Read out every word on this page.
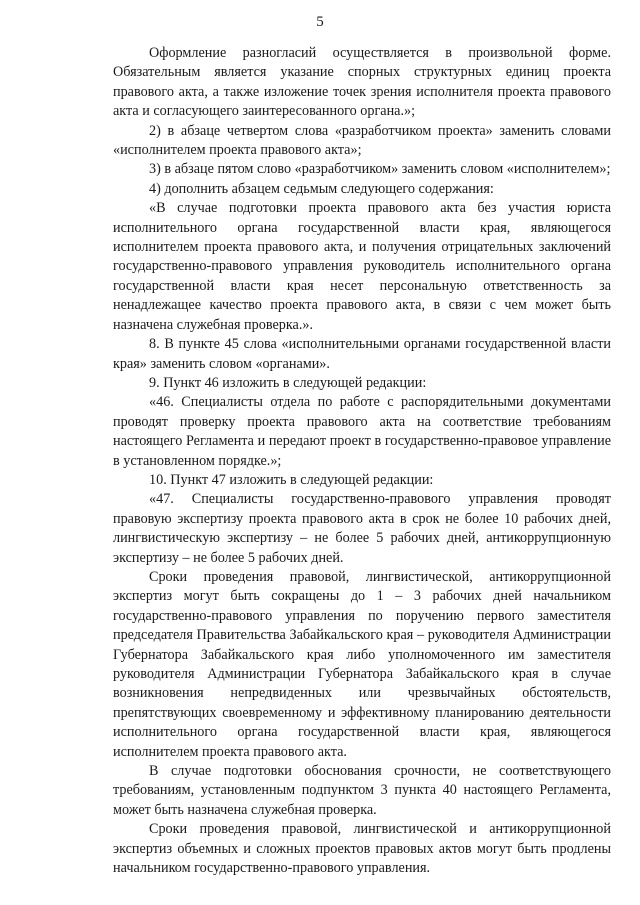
5

Оформление разногласий осуществляется в произвольной форме. Обязательным является указание спорных структурных единиц проекта правового акта, а также изложение точек зрения исполнителя проекта правового акта и согласующего заинтересованного органа.»;

2) в абзаце четвертом слова «разработчиком проекта» заменить словами «исполнителем проекта правового акта»;

3) в абзаце пятом слово «разработчиком» заменить словом «исполнителем»;

4) дополнить абзацем седьмым следующего содержания:

«В случае подготовки проекта правового акта без участия юриста исполнительного органа государственной власти края, являющегося исполнителем проекта правового акта, и получения отрицательных заключений государственно-правового управления руководитель исполнительного органа государственной власти края несет персональную ответственность за ненадлежащее качество проекта правового акта, в связи с чем может быть назначена служебная проверка.».

8. В пункте 45 слова «исполнительными органами государственной власти края» заменить словом «органами».

9. Пункт 46 изложить в следующей редакции:

«46. Специалисты отдела по работе с распорядительными документами проводят проверку проекта правового акта на соответствие требованиям настоящего Регламента и передают проект в государственно-правовое управление в установленном порядке.»;

10. Пункт 47 изложить в следующей редакции:

«47. Специалисты государственно-правового управления проводят правовую экспертизу проекта правового акта в срок не более 10 рабочих дней, лингвистическую экспертизу – не более 5 рабочих дней, антикоррупционную экспертизу – не более 5 рабочих дней.

Сроки проведения правовой, лингвистической, антикоррупционной экспертиз могут быть сокращены до 1 – 3 рабочих дней начальником государственно-правового управления по поручению первого заместителя председателя Правительства Забайкальского края – руководителя Администрации Губернатора Забайкальского края либо уполномоченного им заместителя руководителя Администрации Губернатора Забайкальского края в случае возникновения непредвиденных или чрезвычайных обстоятельств, препятствующих своевременному и эффективному планированию деятельности исполнительного органа государственной власти края, являющегося исполнителем проекта правового акта.

В случае подготовки обоснования срочности, не соответствующего требованиям, установленным подпунктом 3 пункта 40 настоящего Регламента, может быть назначена служебная проверка.

Сроки проведения правовой, лингвистической и антикоррупционной экспертиз объемных и сложных проектов правовых актов могут быть продлены начальником государственно-правового управления.
